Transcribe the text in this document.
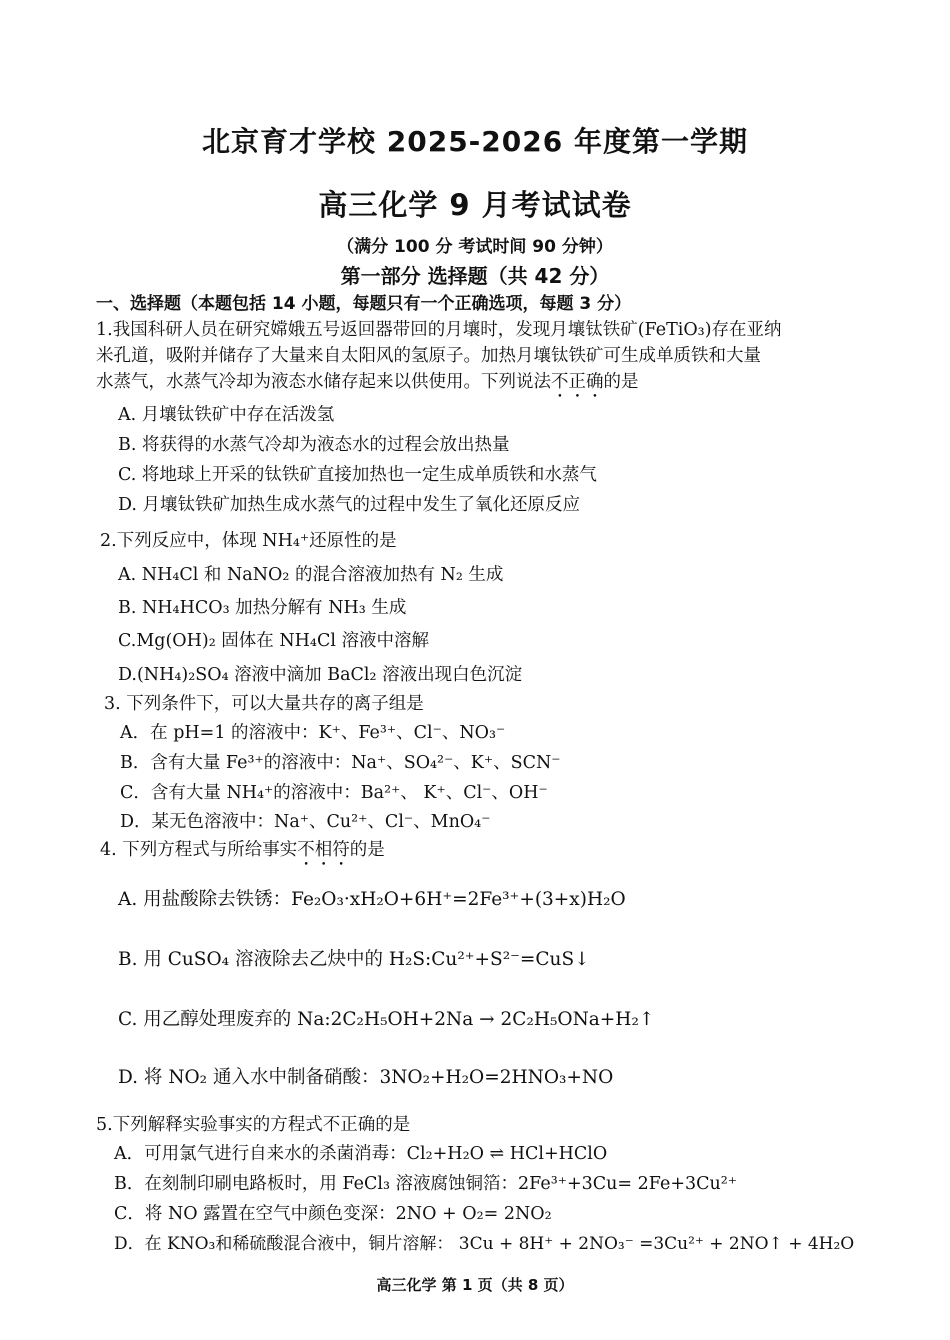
北京育才学校 2025-2026 年度第一学期
高三化学 9 月考试试卷
（满分 100 分 考试时间 90 分钟）
第一部分 选择题（共 42 分）
一、选择题（本题包括 14 小题，每题只有一个正确选项，每题 3 分）
1.我国科研人员在研究嫦娥五号返回器带回的月壤时，发现月壤钛铁矿(FeTiO₃)存在亚纳
米孔道，吸附并储存了大量来自太阳风的氢原子。加热月壤钛铁矿可生成单质铁和大量
水蒸气，水蒸气冷却为液态水储存起来以供使用。下列说法不正确的是
A. 月壤钛铁矿中存在活泼氢
B. 将获得的水蒸气冷却为液态水的过程会放出热量
C. 将地球上开采的钛铁矿直接加热也一定生成单质铁和水蒸气
D. 月壤钛铁矿加热生成水蒸气的过程中发生了氧化还原反应
2.下列反应中，体现 NH₄⁺还原性的是
A. NH₄Cl 和 NaNO₂ 的混合溶液加热有 N₂ 生成
B. NH₄HCO₃ 加热分解有 NH₃ 生成
C.Mg(OH)₂ 固体在 NH₄Cl 溶液中溶解
D.(NH₄)₂SO₄ 溶液中滴加 BaCl₂ 溶液出现白色沉淀
3. 下列条件下，可以大量共存的离子组是
A．在 pH=1 的溶液中：K⁺、Fe³⁺、Cl⁻、NO₃⁻
B．含有大量 Fe³⁺的溶液中：Na⁺、SO₄²⁻、K⁺、SCN⁻
C．含有大量 NH₄⁺的溶液中：Ba²⁺、 K⁺、Cl⁻、OH⁻
D．某无色溶液中：Na⁺、Cu²⁺、Cl⁻、MnO₄⁻
4. 下列方程式与所给事实不相符的是
A. 用盐酸除去铁锈：Fe₂O₃·xH₂O+6H⁺=2Fe³⁺+(3+x)H₂O
B. 用 CuSO₄ 溶液除去乙炔中的 H₂S:Cu²⁺+S²⁻=CuS↓
C. 用乙醇处理废弃的 Na:2C₂H₅OH+2Na → 2C₂H₅ONa+H₂↑
D. 将 NO₂ 通入水中制备硝酸：3NO₂+H₂O=2HNO₃+NO
5.下列解释实验事实的方程式不正确的是
A．可用氯气进行自来水的杀菌消毒：Cl₂+H₂O ⇌ HCl+HClO
B．在刻制印刷电路板时，用 FeCl₃ 溶液腐蚀铜箔：2Fe³⁺+3Cu= 2Fe+3Cu²⁺
C．将 NO 露置在空气中颜色变深：2NO + O₂= 2NO₂
D．在 KNO₃和稀硫酸混合液中，铜片溶解： 3Cu + 8H⁺ + 2NO₃⁻ =3Cu²⁺ + 2NO↑ + 4H₂O
高三化学 第 1 页（共 8 页）
